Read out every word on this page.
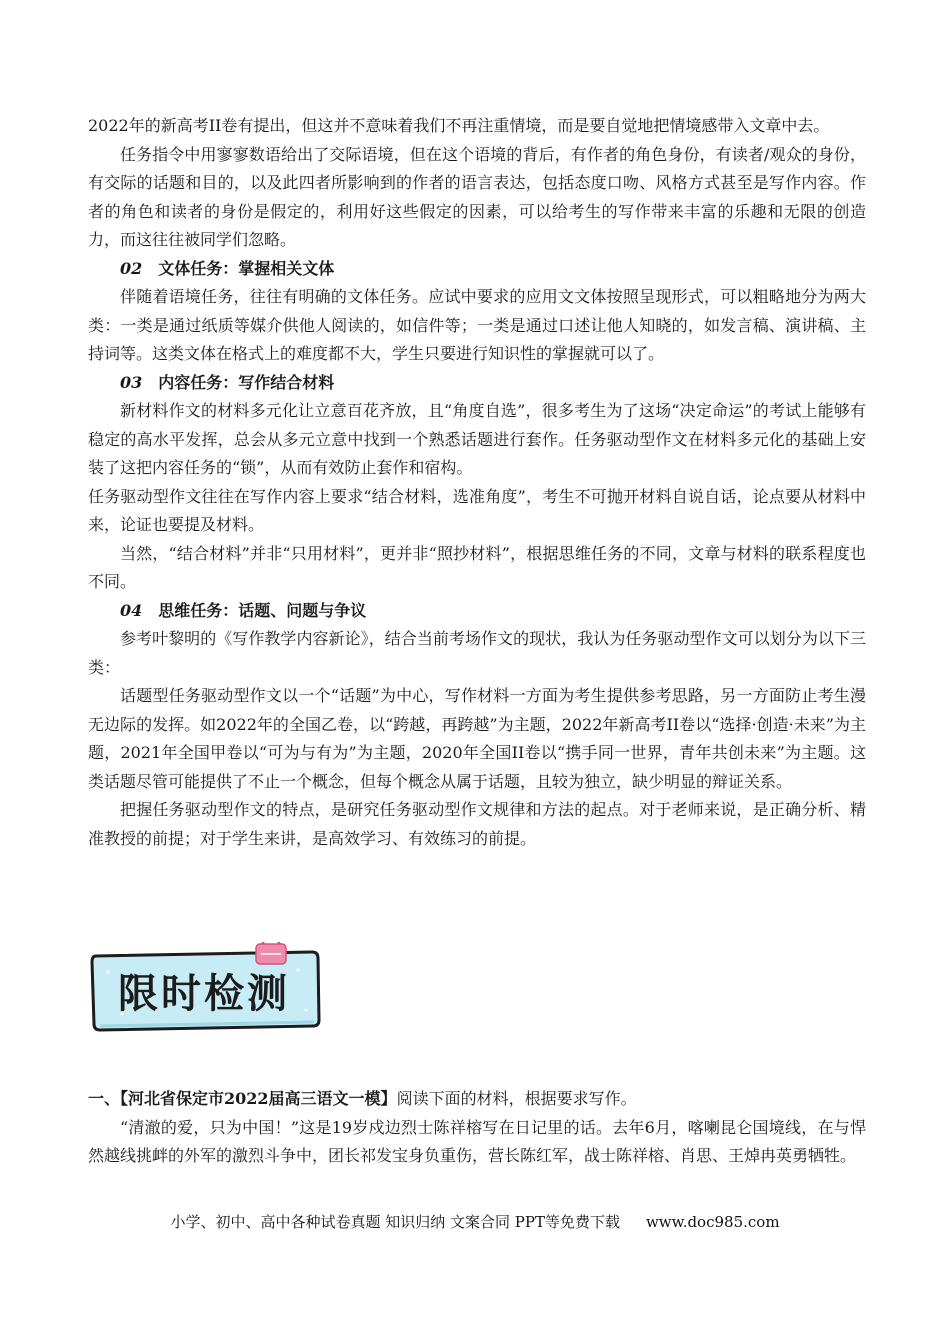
2022年的新高考II卷有提出，但这并不意味着我们不再注重情境，而是要自觉地把情境感带入文章中去。

任务指令中用寥寥数语给出了交际语境，但在这个语境的背后，有作者的角色身份，有读者/观众的身份，有交际的话题和目的，以及此四者所影响到的作者的语言表达，包括态度口吻、风格方式甚至是写作内容。作者的角色和读者的身份是假定的，利用好这些假定的因素，可以给考生的写作带来丰富的乐趣和无限的创造力，而这往往被同学们忽略。

02 文体任务：掌握相关文体

伴随着语境任务，往往有明确的文体任务。应试中要求的应用文文体按照呈现形式，可以粗略地分为两大类：一类是通过纸质等媒介供他人阅读的，如信件等；一类是通过口述让他人知晓的，如发言稿、演讲稿、主持词等。这类文体在格式上的难度都不大，学生只要进行知识性的掌握就可以了。

03 内容任务：写作结合材料

新材料作文的材料多元化让立意百花齐放，且“角度自选”，很多考生为了这场“决定命运”的考试上能够有稳定的高水平发挥，总会从多元立意中找到一个熟悉话题进行套作。任务驱动型作文在材料多元化的基础上安装了这把内容任务的“锁”，从而有效防止套作和宿构。

任务驱动型作文往往在写作内容上要求“结合材料，选准角度”，考生不可抛开材料自说自话，论点要从材料中来，论证也要提及材料。

当然，“结合材料”并非“只用材料”，更并非“照抄材料”，根据思维任务的不同，文章与材料的联系程度也不同。

04 思维任务：话题、问题与争议

参考叶黎明的《写作教学内容新论》，结合当前考场作文的现状，我认为任务驱动型作文可以划分为以下三类：

话题型任务驱动型作文以一个“话题”为中心，写作材料一方面为考生提供参考思路，另一方面防止考生漫无边际的发挥。如2022年的全国乙卷，以“跨越，再跨越”为主题，2022年新高考II卷以“选择·创造·未来”为主题，2021年全国甲卷以“可为与有为”为主题，2020年全国II卷以“携手同一世界，青年共创未来”为主题。这类话题尽管可能提供了不止一个概念，但每个概念从属于话题，且较为独立，缺少明显的辩证关系。

把握任务驱动型作文的特点，是研究任务驱动型作文规律和方法的起点。对于老师来说，是正确分析、精准教授的前提；对于学生来讲，是高效学习、有效练习的前提。

限时检测

一、【河北省保定市2022届高三语文一模】阅读下面的材料，根据要求写作。

“清澈的爱，只为中国！”这是19岁戍边烈士陈祥榕写在日记里的话。去年6月，喀喇昆仑国境线，在与悍然越线挑衅的外军的激烈斗争中，团长祁发宝身负重伤，营长陈红军，战士陈祥榕、肖思、王焯冉英勇牺牲。

小学、初中、高中各种试卷真题 知识归纳 文案合同 PPT等免费下载 www.doc985.com
